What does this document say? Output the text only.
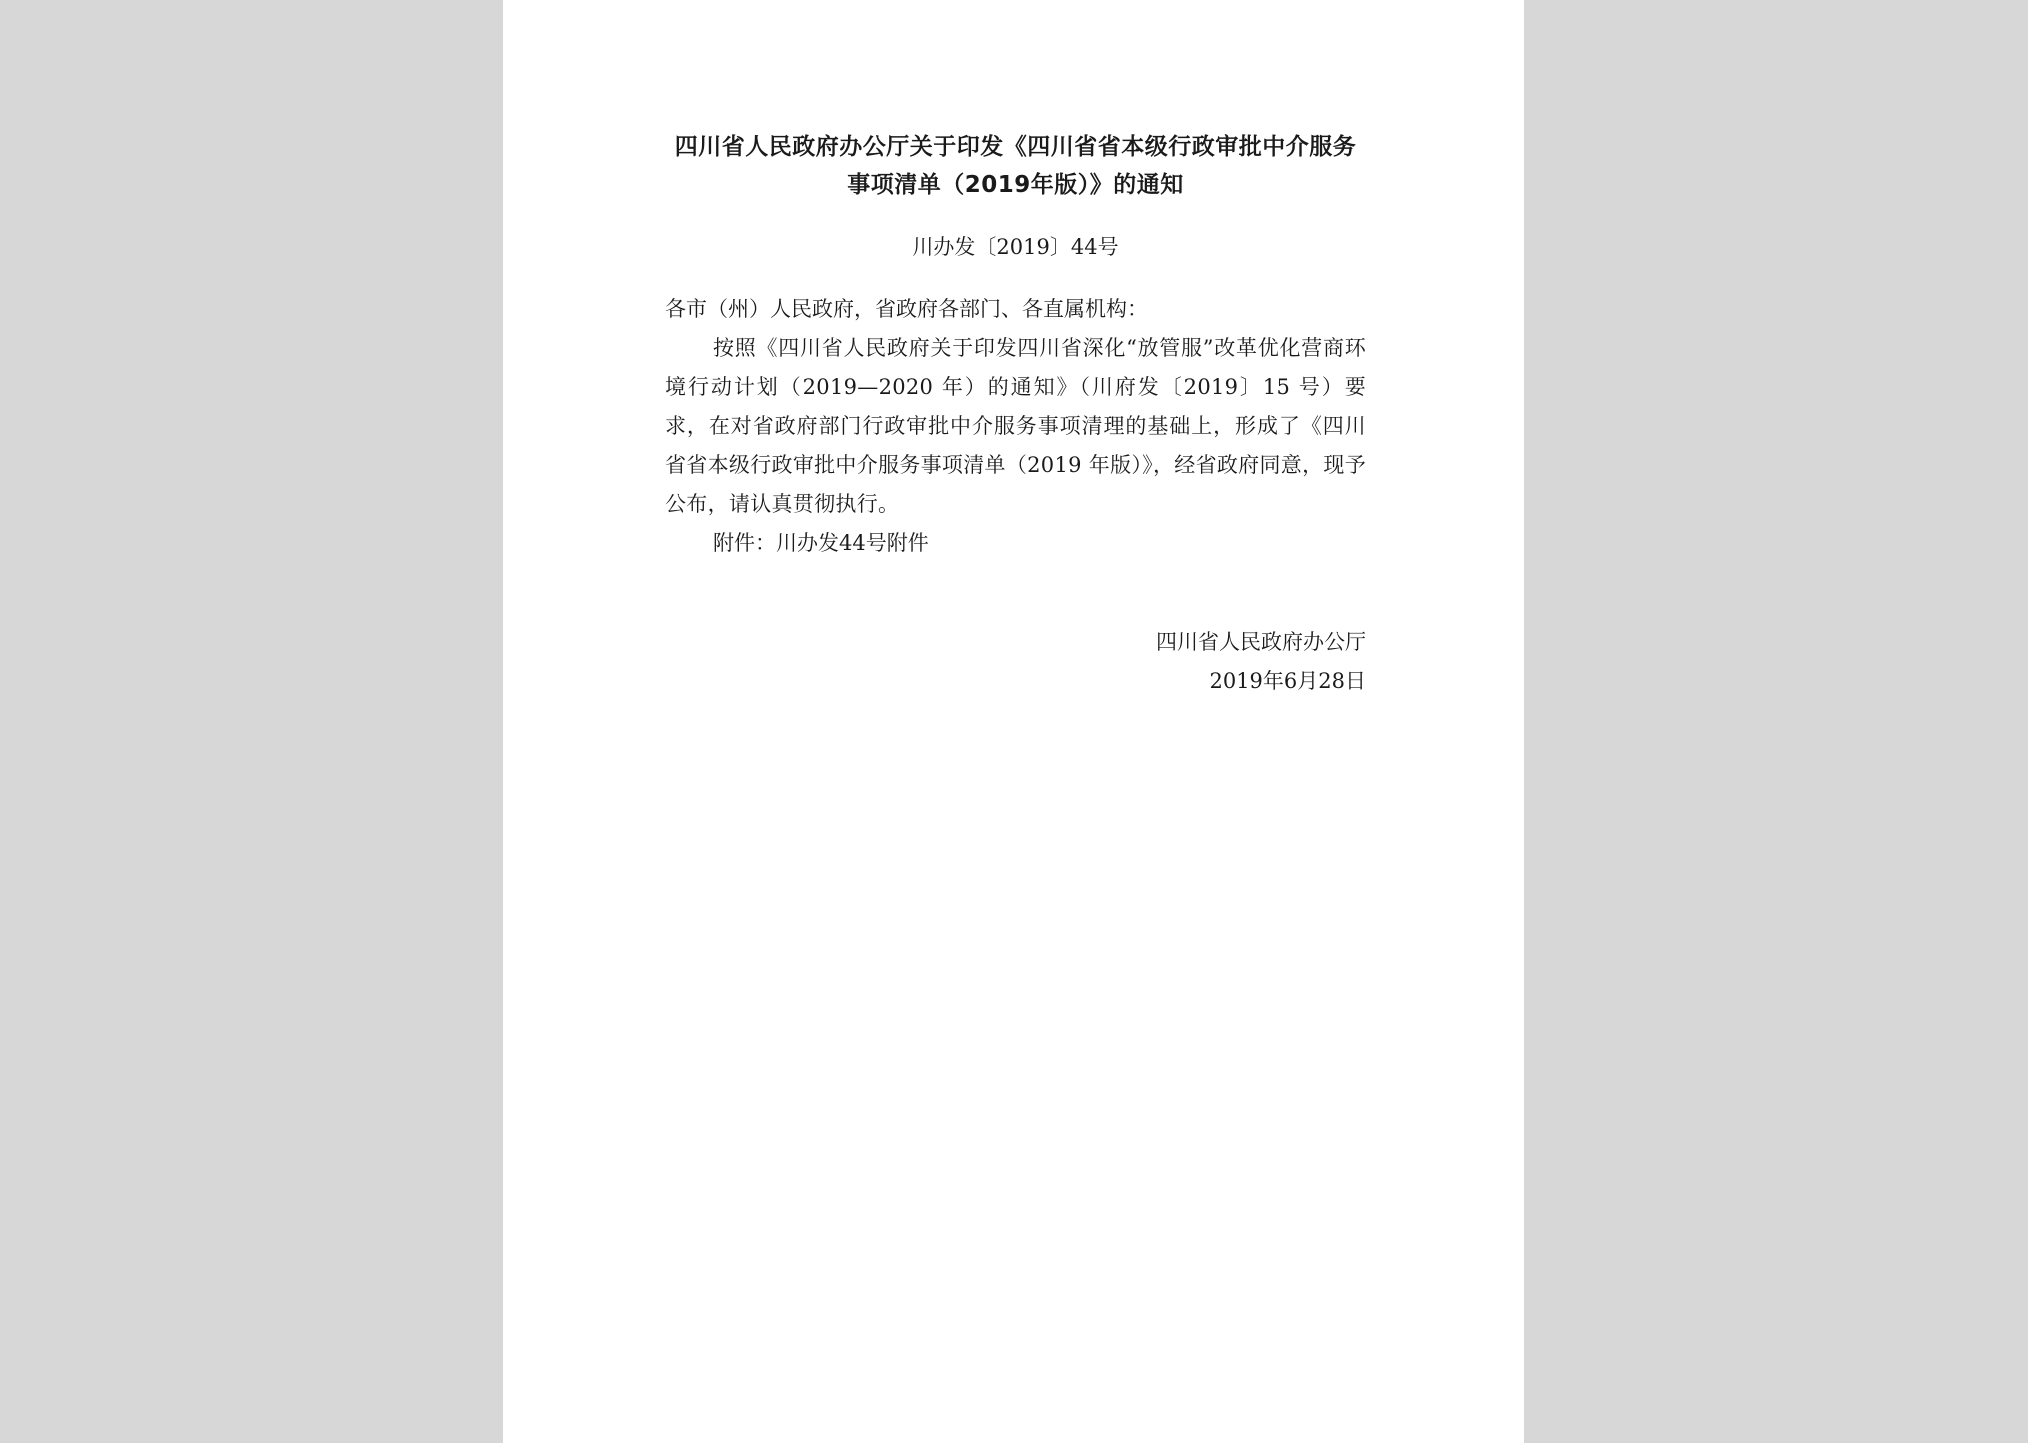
四川省人民政府办公厅关于印发《四川省省本级行政审批中介服务
事项清单（2019年版）》的通知
川办发〔2019〕44号
各市（州）人民政府，省政府各部门、各直属机构：

按照《四川省人民政府关于印发四川省深化“放管服”改革优化营商环境行动计划（2019—2020 年）的通知》（川府发〔2019〕15 号）要求，在对省政府部门行政审批中介服务事项清理的基础上，形成了《四川省省本级行政审批中介服务事项清单（2019 年版）》，经省政府同意，现予公布，请认真贯彻执行。

附件：川办发44号附件

四川省人民政府办公厅
2019年6月28日
